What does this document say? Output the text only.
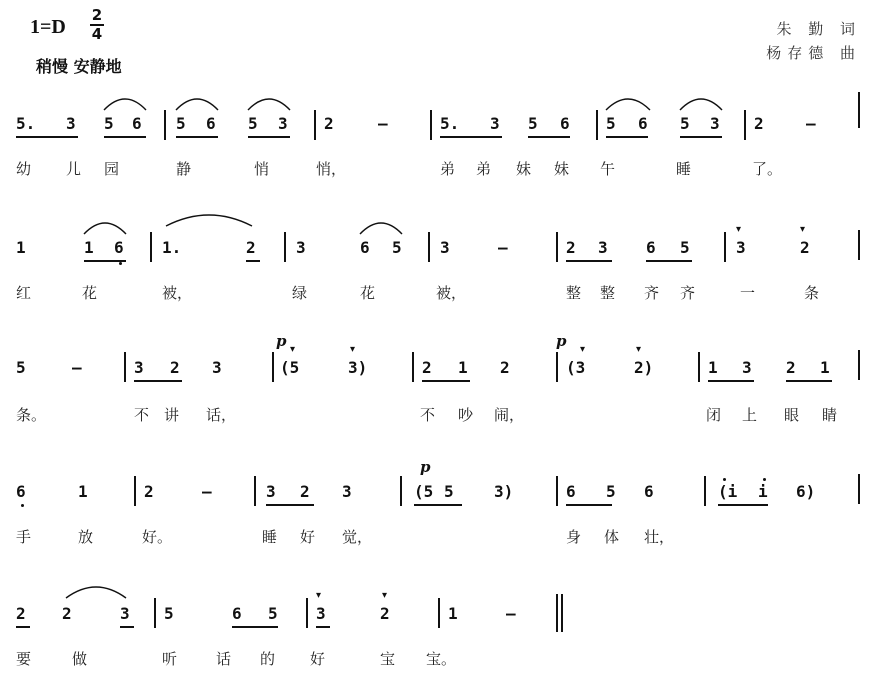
1=D
2
4
稍慢 安静地
朱 勤 词
杨存德 曲
5. 3 5 6 5 6 5 3 2	–	5. 3 5 6 5 6 5 3 2	–
幼 儿 园	静	悄	悄，	弟 弟 妹 妹 午	睡	了。
1	1 6 1.	2	3	6 5 3	–	2 3 6 5	3	2
▾	▾
红	花	被，	绿	花	被，	整 整 齐 齐	一	条
5	–	3 2 3	(5	3)	2 1 2	(3	2)	1 3 2 1
p ▾	▾	p ▾	▾
条。	不 讲 话，	不 吵 闹，	闭 上 眼 睛
6	1	2	–	3 2 3	(5 5	3)	6 5 6	(i i 6)
p
手	放	好。	睡 好 觉，	身 体 壮，
2 2	3 5	6 5 3	2	1	–
▾	▾
要	做	听	话 的 好	宝 宝。
